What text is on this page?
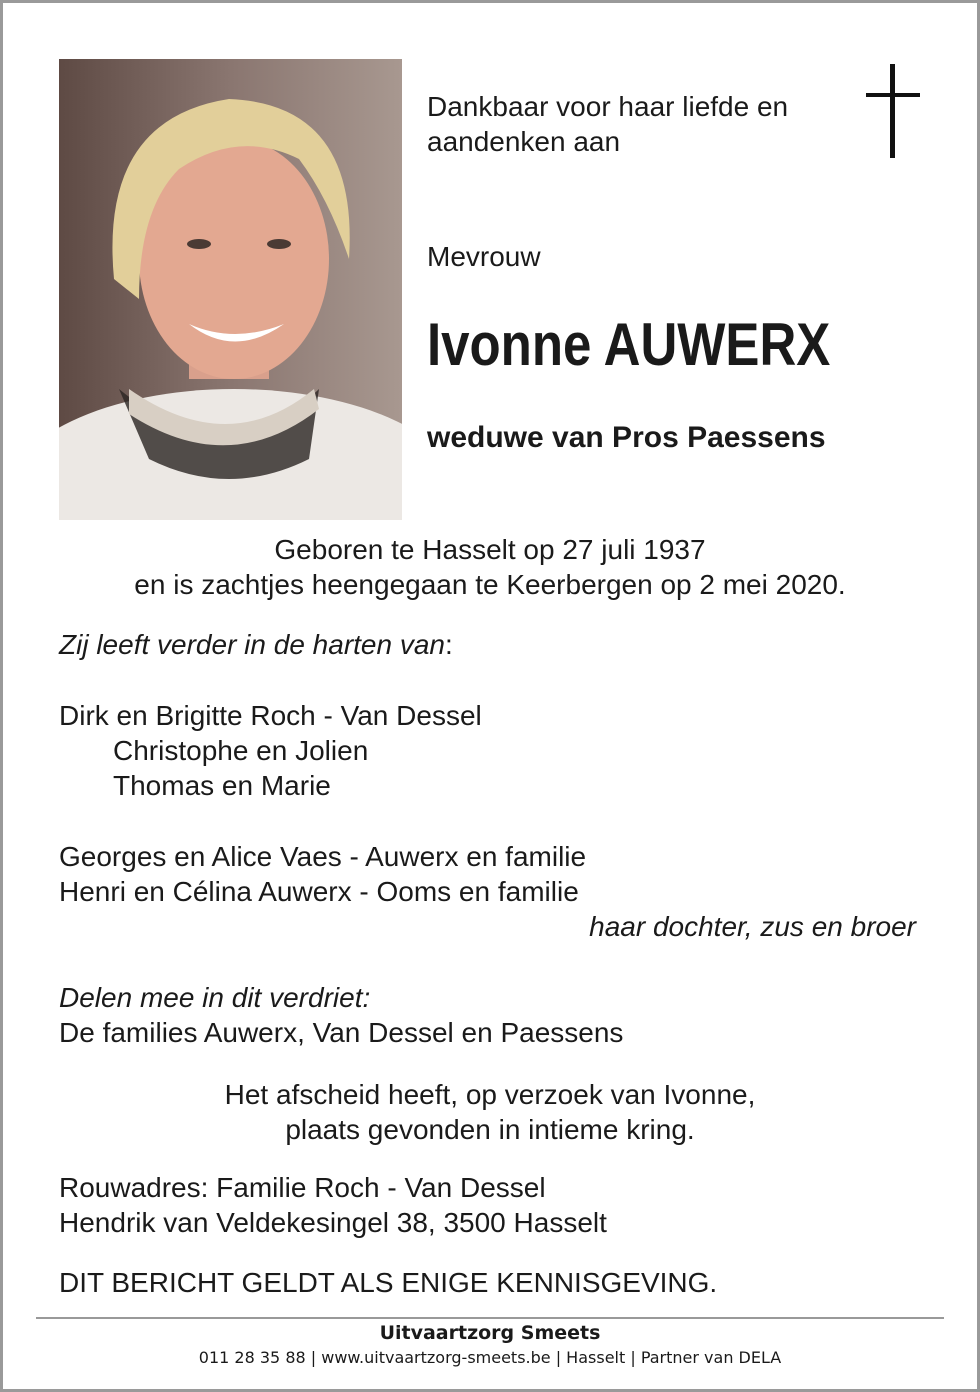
Dankbaar voor haar liefde en
aandenken aan
Mevrouw
Ivonne AUWERX
weduwe van Pros Paessens
Geboren te Hasselt op 27 juli 1937
en is zachtjes heengegaan te Keerbergen op 2 mei 2020.
Zij leeft verder in de harten van:
Dirk en Brigitte Roch - Van Dessel
Christophe en Jolien
Thomas en Marie
Georges en Alice Vaes - Auwerx en familie
Henri en Célina Auwerx - Ooms en familie
haar dochter, zus en broer
Delen mee in dit verdriet:
De families Auwerx, Van Dessel en Paessens
Het afscheid heeft, op verzoek van Ivonne,
plaats gevonden in intieme kring.
Rouwadres: Familie Roch - Van Dessel
Hendrik van Veldekesingel 38, 3500 Hasselt
DIT BERICHT GELDT ALS ENIGE KENNISGEVING.
Uitvaartzorg Smeets
011 28 35 88 | www.uitvaartzorg-smeets.be | Hasselt | Partner van DELA
